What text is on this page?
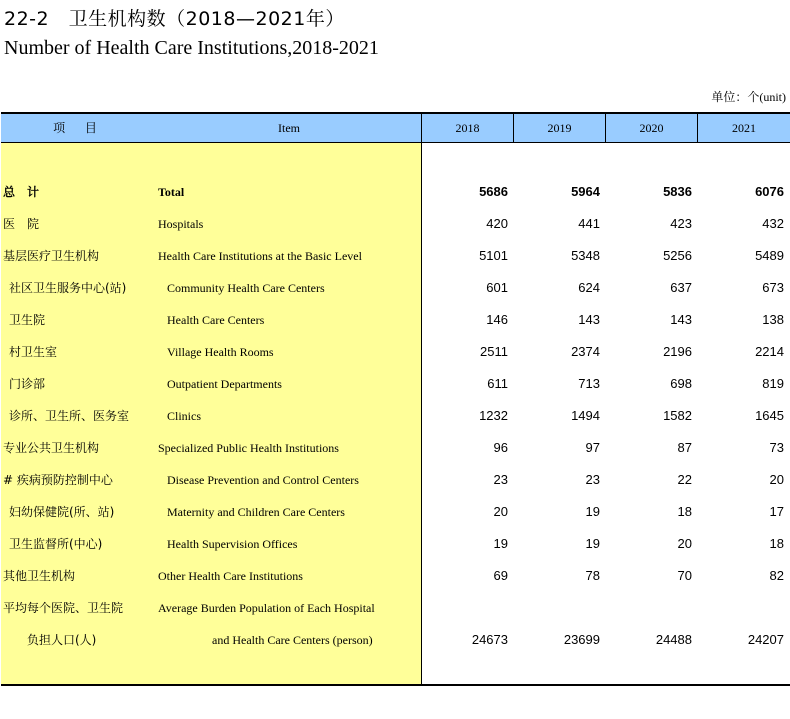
22-2　卫生机构数（2018—2021年）
Number of Health Care Institutions,2018-2021
单位：个(unit)
项 目	Item	2018	2019	2020	2021
总　计	Total	5686	5964	5836	6076
医　院	Hospitals	420	441	423	432
基层医疗卫生机构	Health Care Institutions at the Basic Level	5101	5348	5256	5489
社区卫生服务中心(站)	Community Health Care Centers	601	624	637	673
卫生院	Health Care Centers	146	143	143	138
村卫生室	Village Health Rooms	2511	2374	2196	2214
门诊部	Outpatient Departments	611	713	698	819
诊所、卫生所、医务室	Clinics	1232	1494	1582	1645
专业公共卫生机构	Specialized Public Health Institutions	96	97	87	73
# 疾病预防控制中心	Disease Prevention and Control Centers	23	23	22	20
妇幼保健院(所、站)	Maternity and Children Care Centers	20	19	18	17
卫生监督所(中心)	Health Supervision Offices	19	19	20	18
其他卫生机构	Other Health Care Institutions	69	78	70	82
平均每个医院、卫生院	Average Burden Population of Each Hospital
负担人口(人)	and Health Care Centers (person)	24673	23699	24488	24207
